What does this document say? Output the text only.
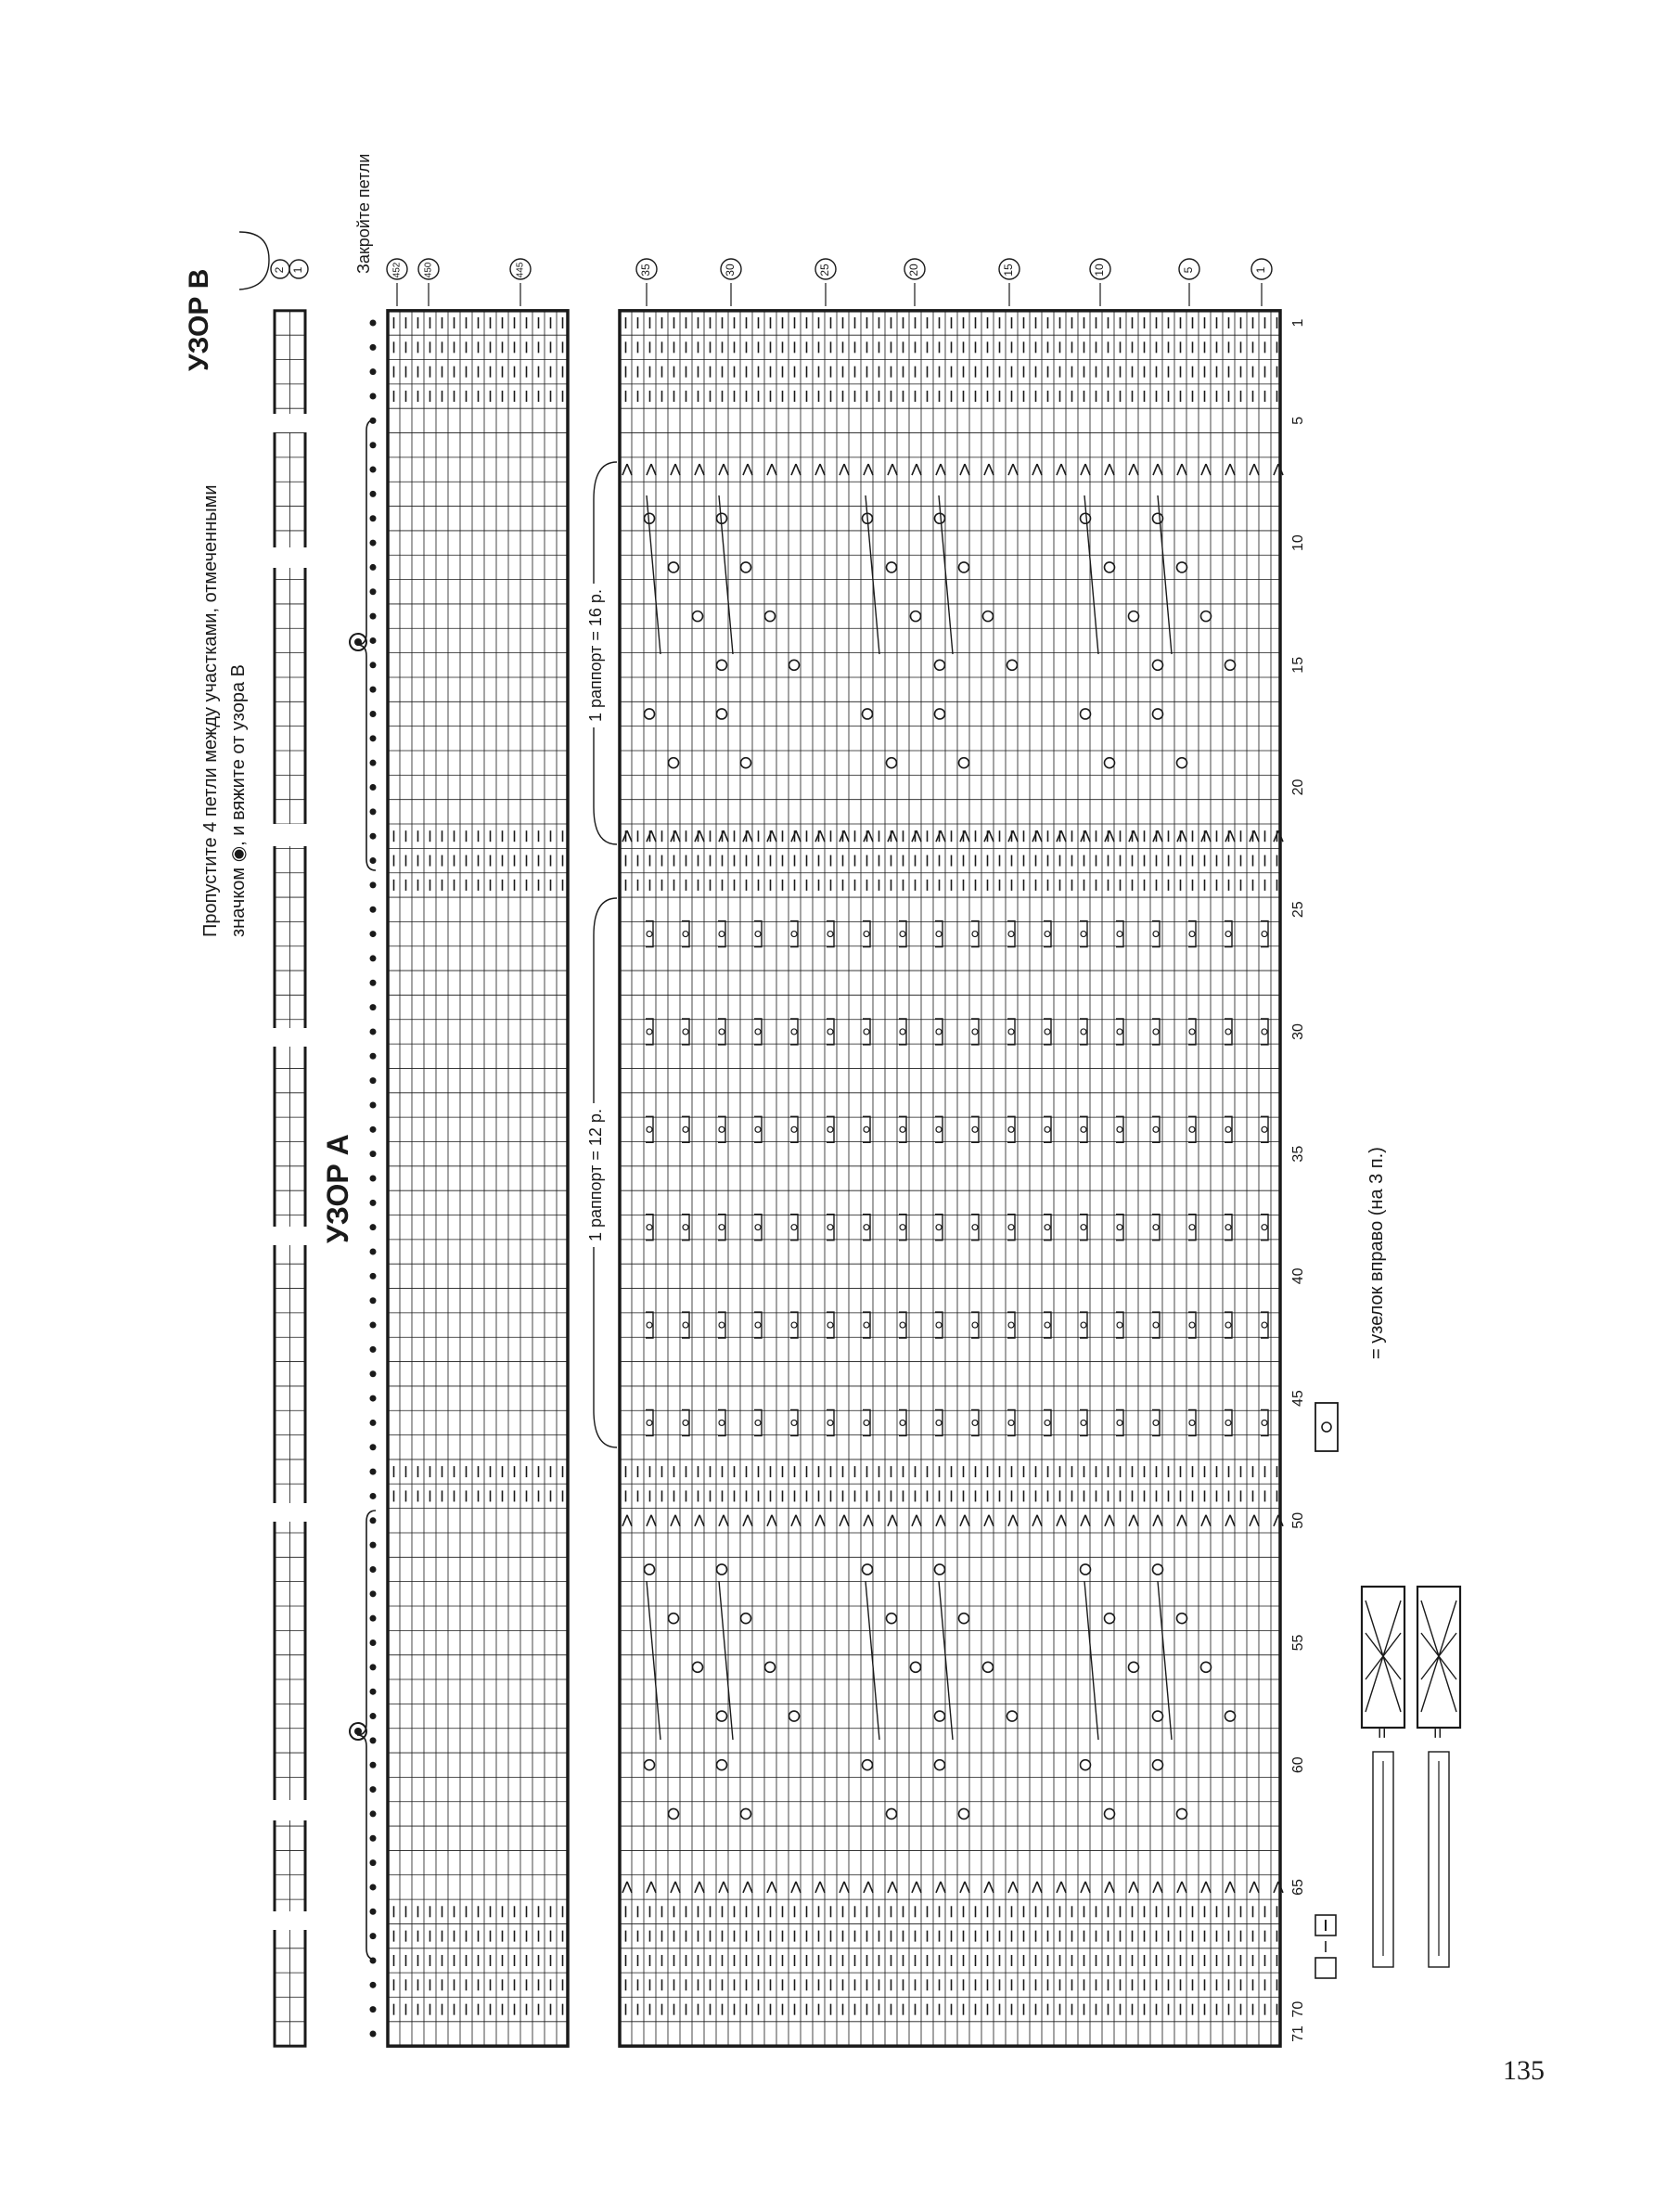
35	30	25	20	15	10	5	1
452 450	445
2 1
1
5
10
15
20
25
30
35
40
45
50
55
60
65
70
71
= =
УЗОР В
Пропустите 4 петли между участками, отмеченными значком ◉, и вяжите от узора В
УЗОР А
Закройте петли
1 раппорт = 16 р.
1 раппорт = 12 р.	= узелок вправо (на 3 п.)
135
